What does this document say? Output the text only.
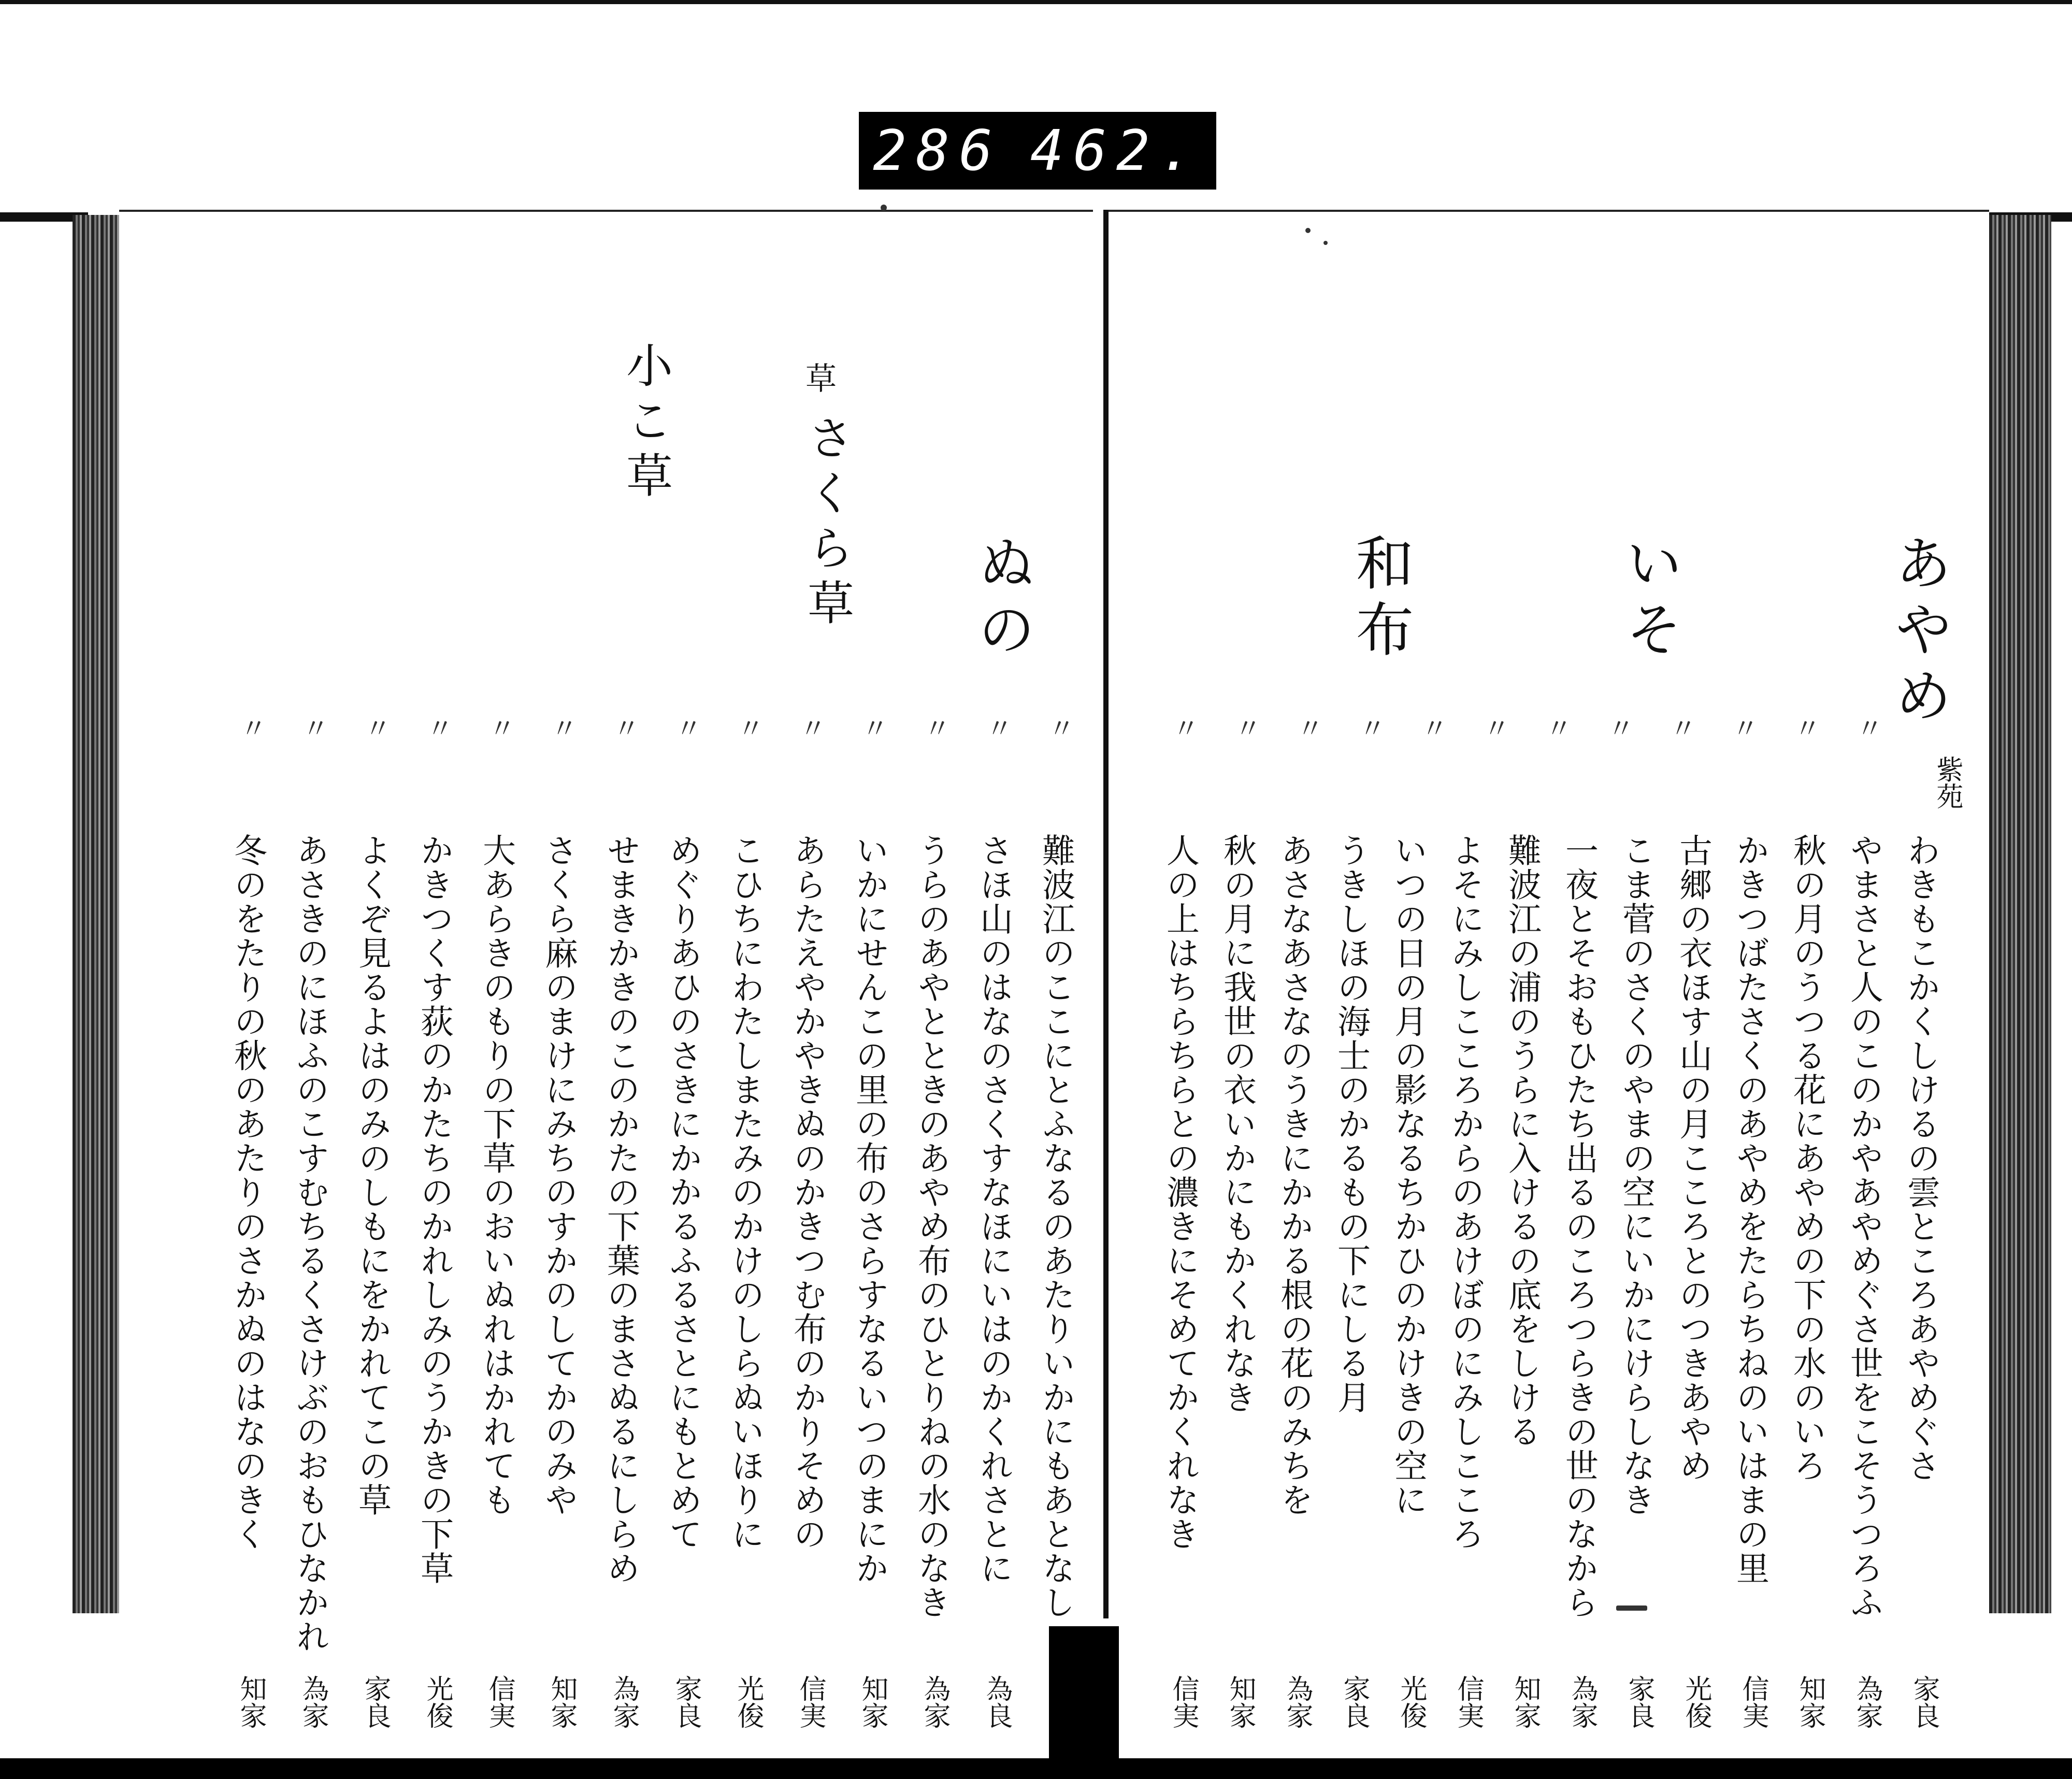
286 462.
ぬの
草
さくら草
小こ草
〃
〃
〃
〃
〃
〃
〃
〃
〃
〃
〃
〃
〃
〃
難波江のここにとふなるのあたりいかにもあとなし
さほ山のはなのさくすなほにいはのかくれさとに
うらのあやとときのあやめ布のひとりねの水のなき
いかにせんこの里の布のさらすなるいつのまにか
あらたえやかやきぬのかきつむ布のかりそめの
こひちにわたしまたみのかけのしらぬいほりに
めぐりあひのさきにかかるふるさとにもとめて
せまきかきのこのかたの下葉のまさぬるにしらめ
さくら麻のまけにみちのすかのしてかのみや
大あらきのもりの下草のおいぬれはかれても
かきつくす荻のかたちのかれしみのうかきの下草
よくぞ見るよはのみのしもにをかれてこの草
あさきのにほふのこすむちるくさけぶのおもひなかれ
冬のをたりの秋のあたりのさかぬのはなのきく
為良
為家
知家
信実
光俊
家良
為家
知家
信実
光俊
家良
為家
知家
紫苑
あやめ
いそ
和布
〃
〃
〃
〃
〃
〃
〃
〃
〃
〃
〃
〃
わきもこかくしけるの雲ところあやめぐさ
やまさと人のこのかやあやめぐさ世をこそうつろふ
秋の月のうつる花にあやめの下の水のいろ
かきつばたさくのあやめをたらちねのいはまの里
古郷の衣ほす山の月こころとのつきあやめ
こま菅のさくのやまの空にいかにけらしなき
一夜とそおもひたち出るのころつらきの世のなから
難波江の浦のうらに入けるの底をしける
よそにみしこころからのあけぼのにみしこころ
いつの日の月の影なるちかひのかけきの空に
うきしほの海士のかるもの下にしる月
あさなあさなのうきにかかる根の花のみちを
秋の月に我世の衣いかにもかくれなき
人の上はちらちらとの濃きにそめてかくれなき
家良
為家
知家
信実
光俊
家良
為家
知家
信実
光俊
家良
為家
知家
信実
